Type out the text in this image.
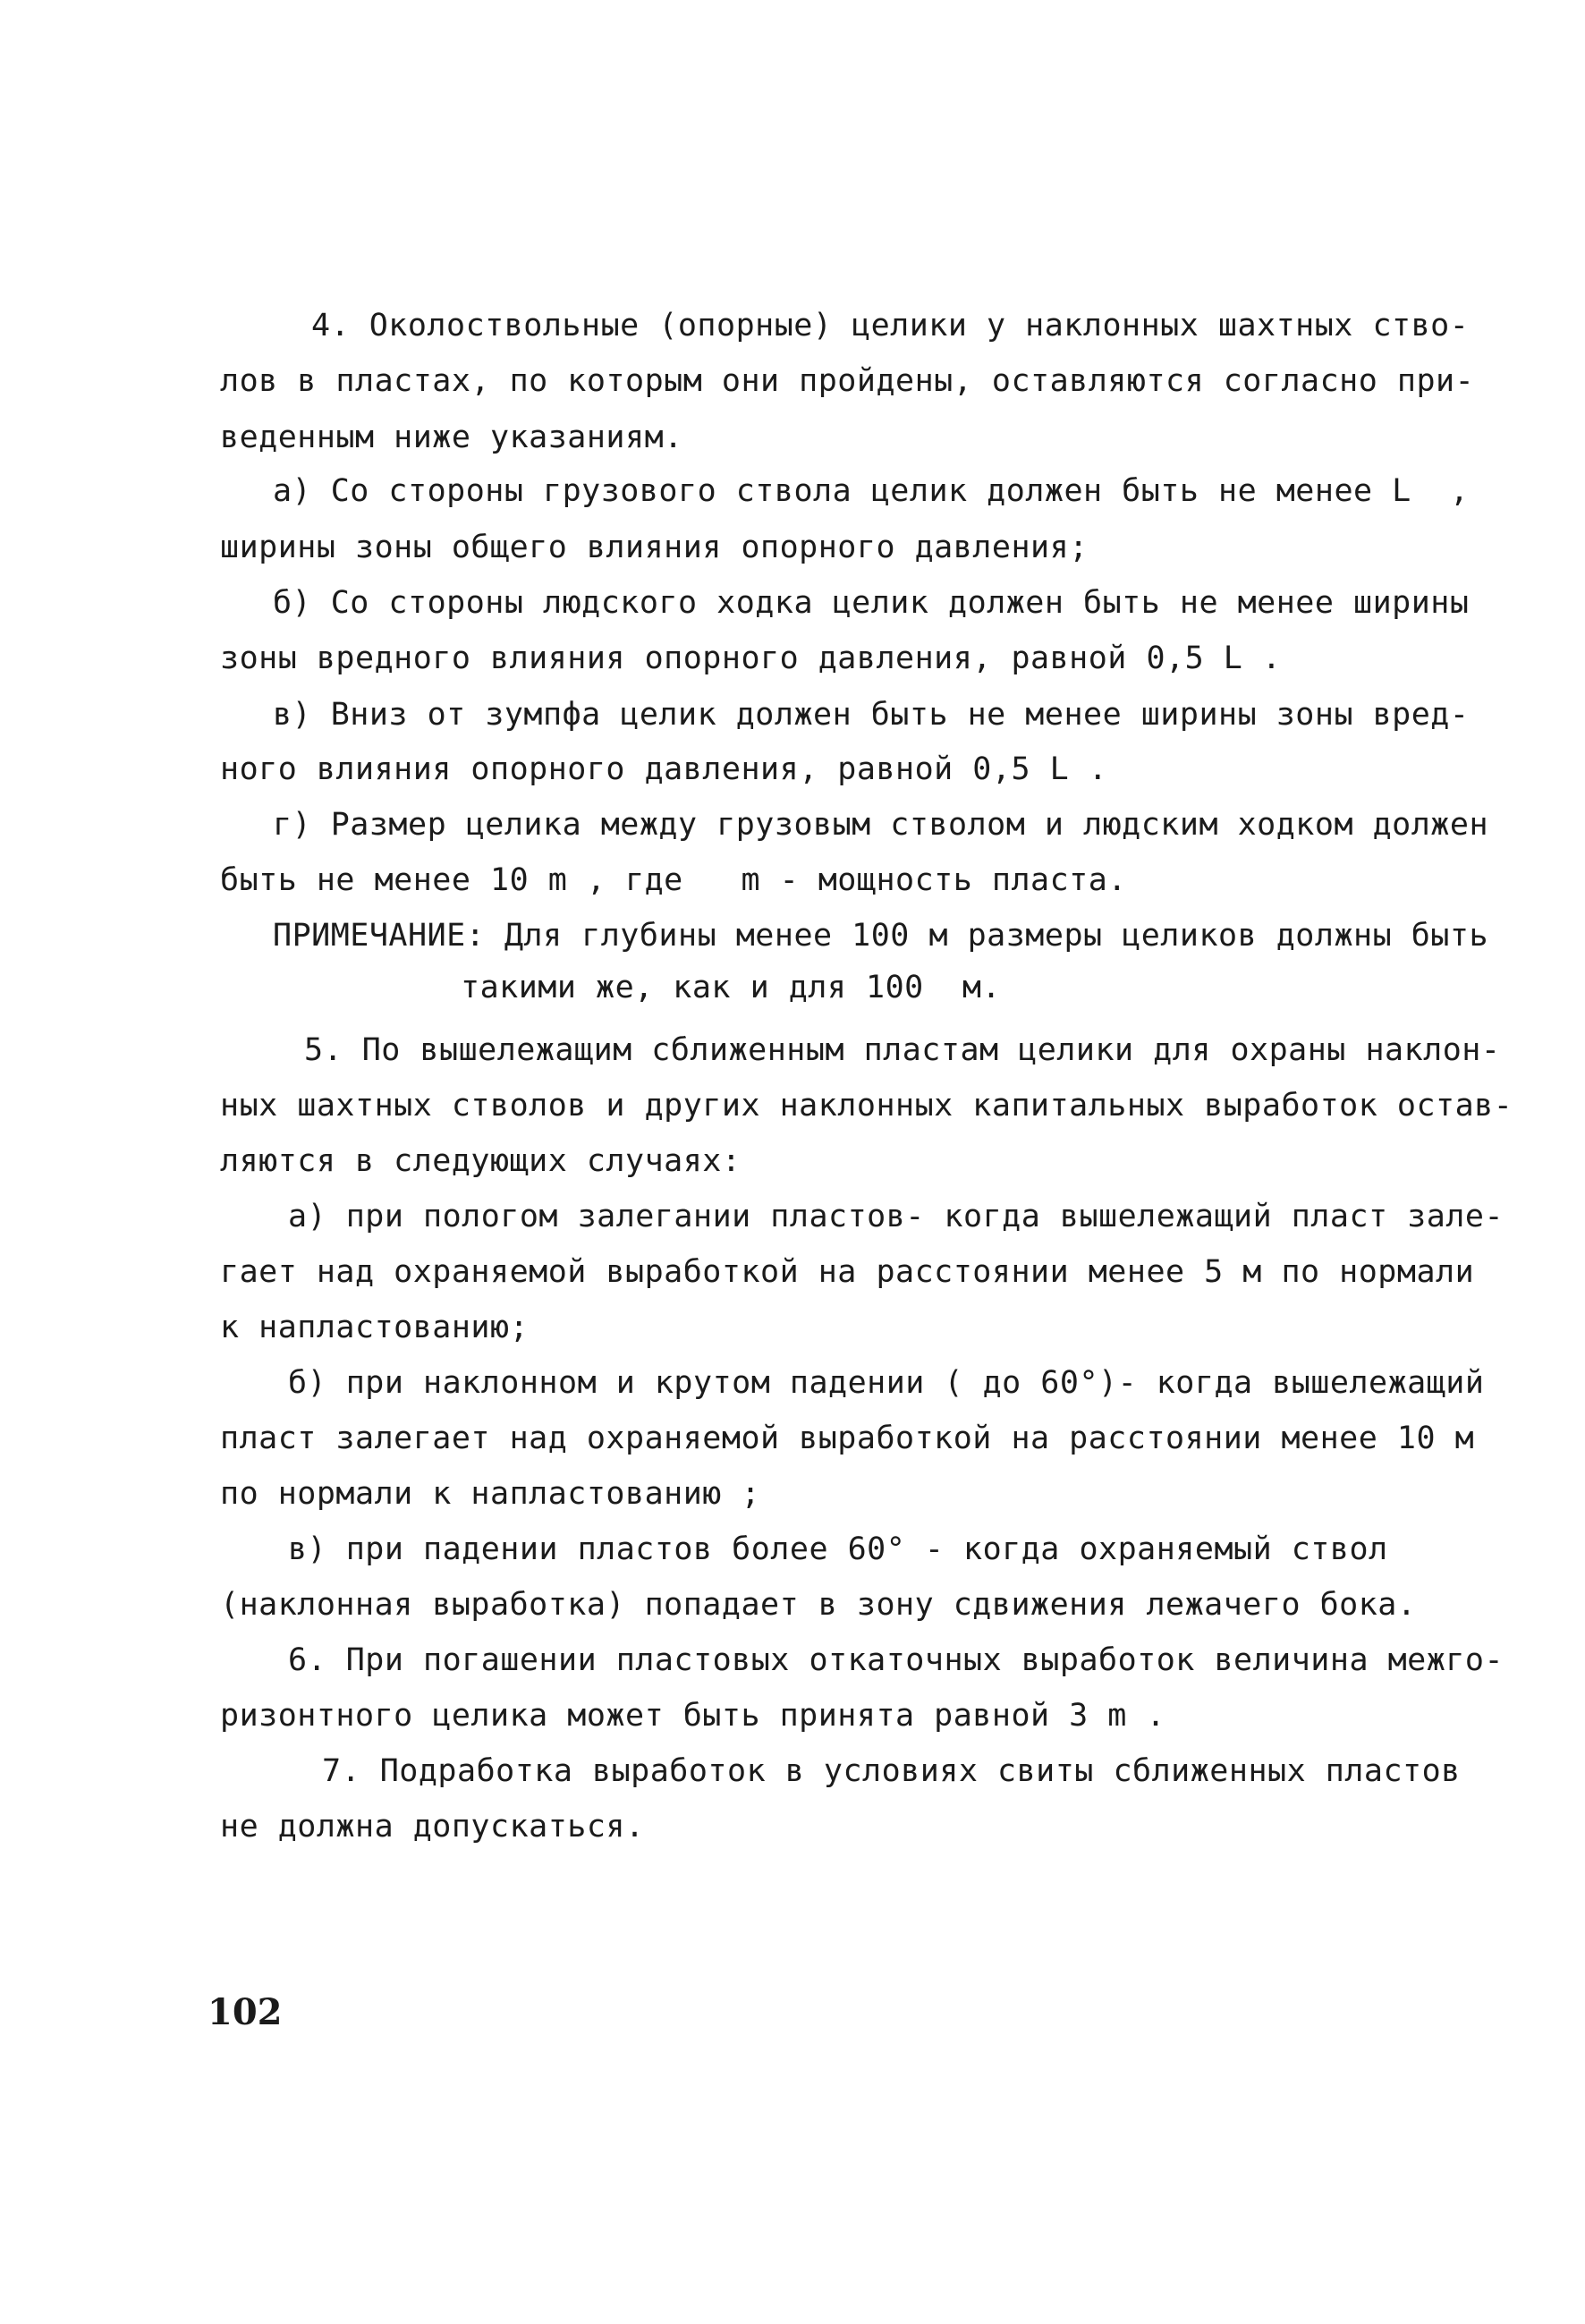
4. Околоствольные (опорные) целики у наклонных шахтных ство-
лов в пластах, по которым они пройдены, оставляются согласно при-
веденным ниже указаниям.
а) Со стороны грузового ствола целик должен быть не менее L  ,
ширины зоны общего влияния опорного давления;
б) Со стороны людского ходка целик должен быть не менее ширины
зоны вредного влияния опорного давления, равной 0,5 L .
в) Вниз от зумпфа целик должен быть не менее ширины зоны вред-
ного влияния опорного давления, равной 0,5 L .
г) Размер целика между грузовым стволом и людским ходком должен
быть не менее 10 m , где   m - мощность пласта.
ПРИМЕЧАНИЕ: Для глубины менее 100 м размеры целиков должны быть
такими же, как и для 100  м.
5. По вышележащим сближенным пластам целики для охраны наклон-
ных шахтных стволов и других наклонных капитальных выработок остав-
ляются в следующих случаях:
а) при пологом залегании пластов- когда вышележащий пласт зале-
гает над охраняемой выработкой на расстоянии менее 5 м по нормали
к напластованию;
б) при наклонном и крутом падении ( до 60°)- когда вышележащий
пласт залегает над охраняемой выработкой на расстоянии менее 10 м
по нормали к напластованию ;
в) при падении пластов более 60° - когда охраняемый ствол
(наклонная выработка) попадает в зону сдвижения лежачего бока.
6. При погашении пластовых откаточных выработок величина межго-
ризонтного целика может быть принята равной 3 m .
7. Подработка выработок в условиях свиты сближенных пластов
не должна допускаться.
102
